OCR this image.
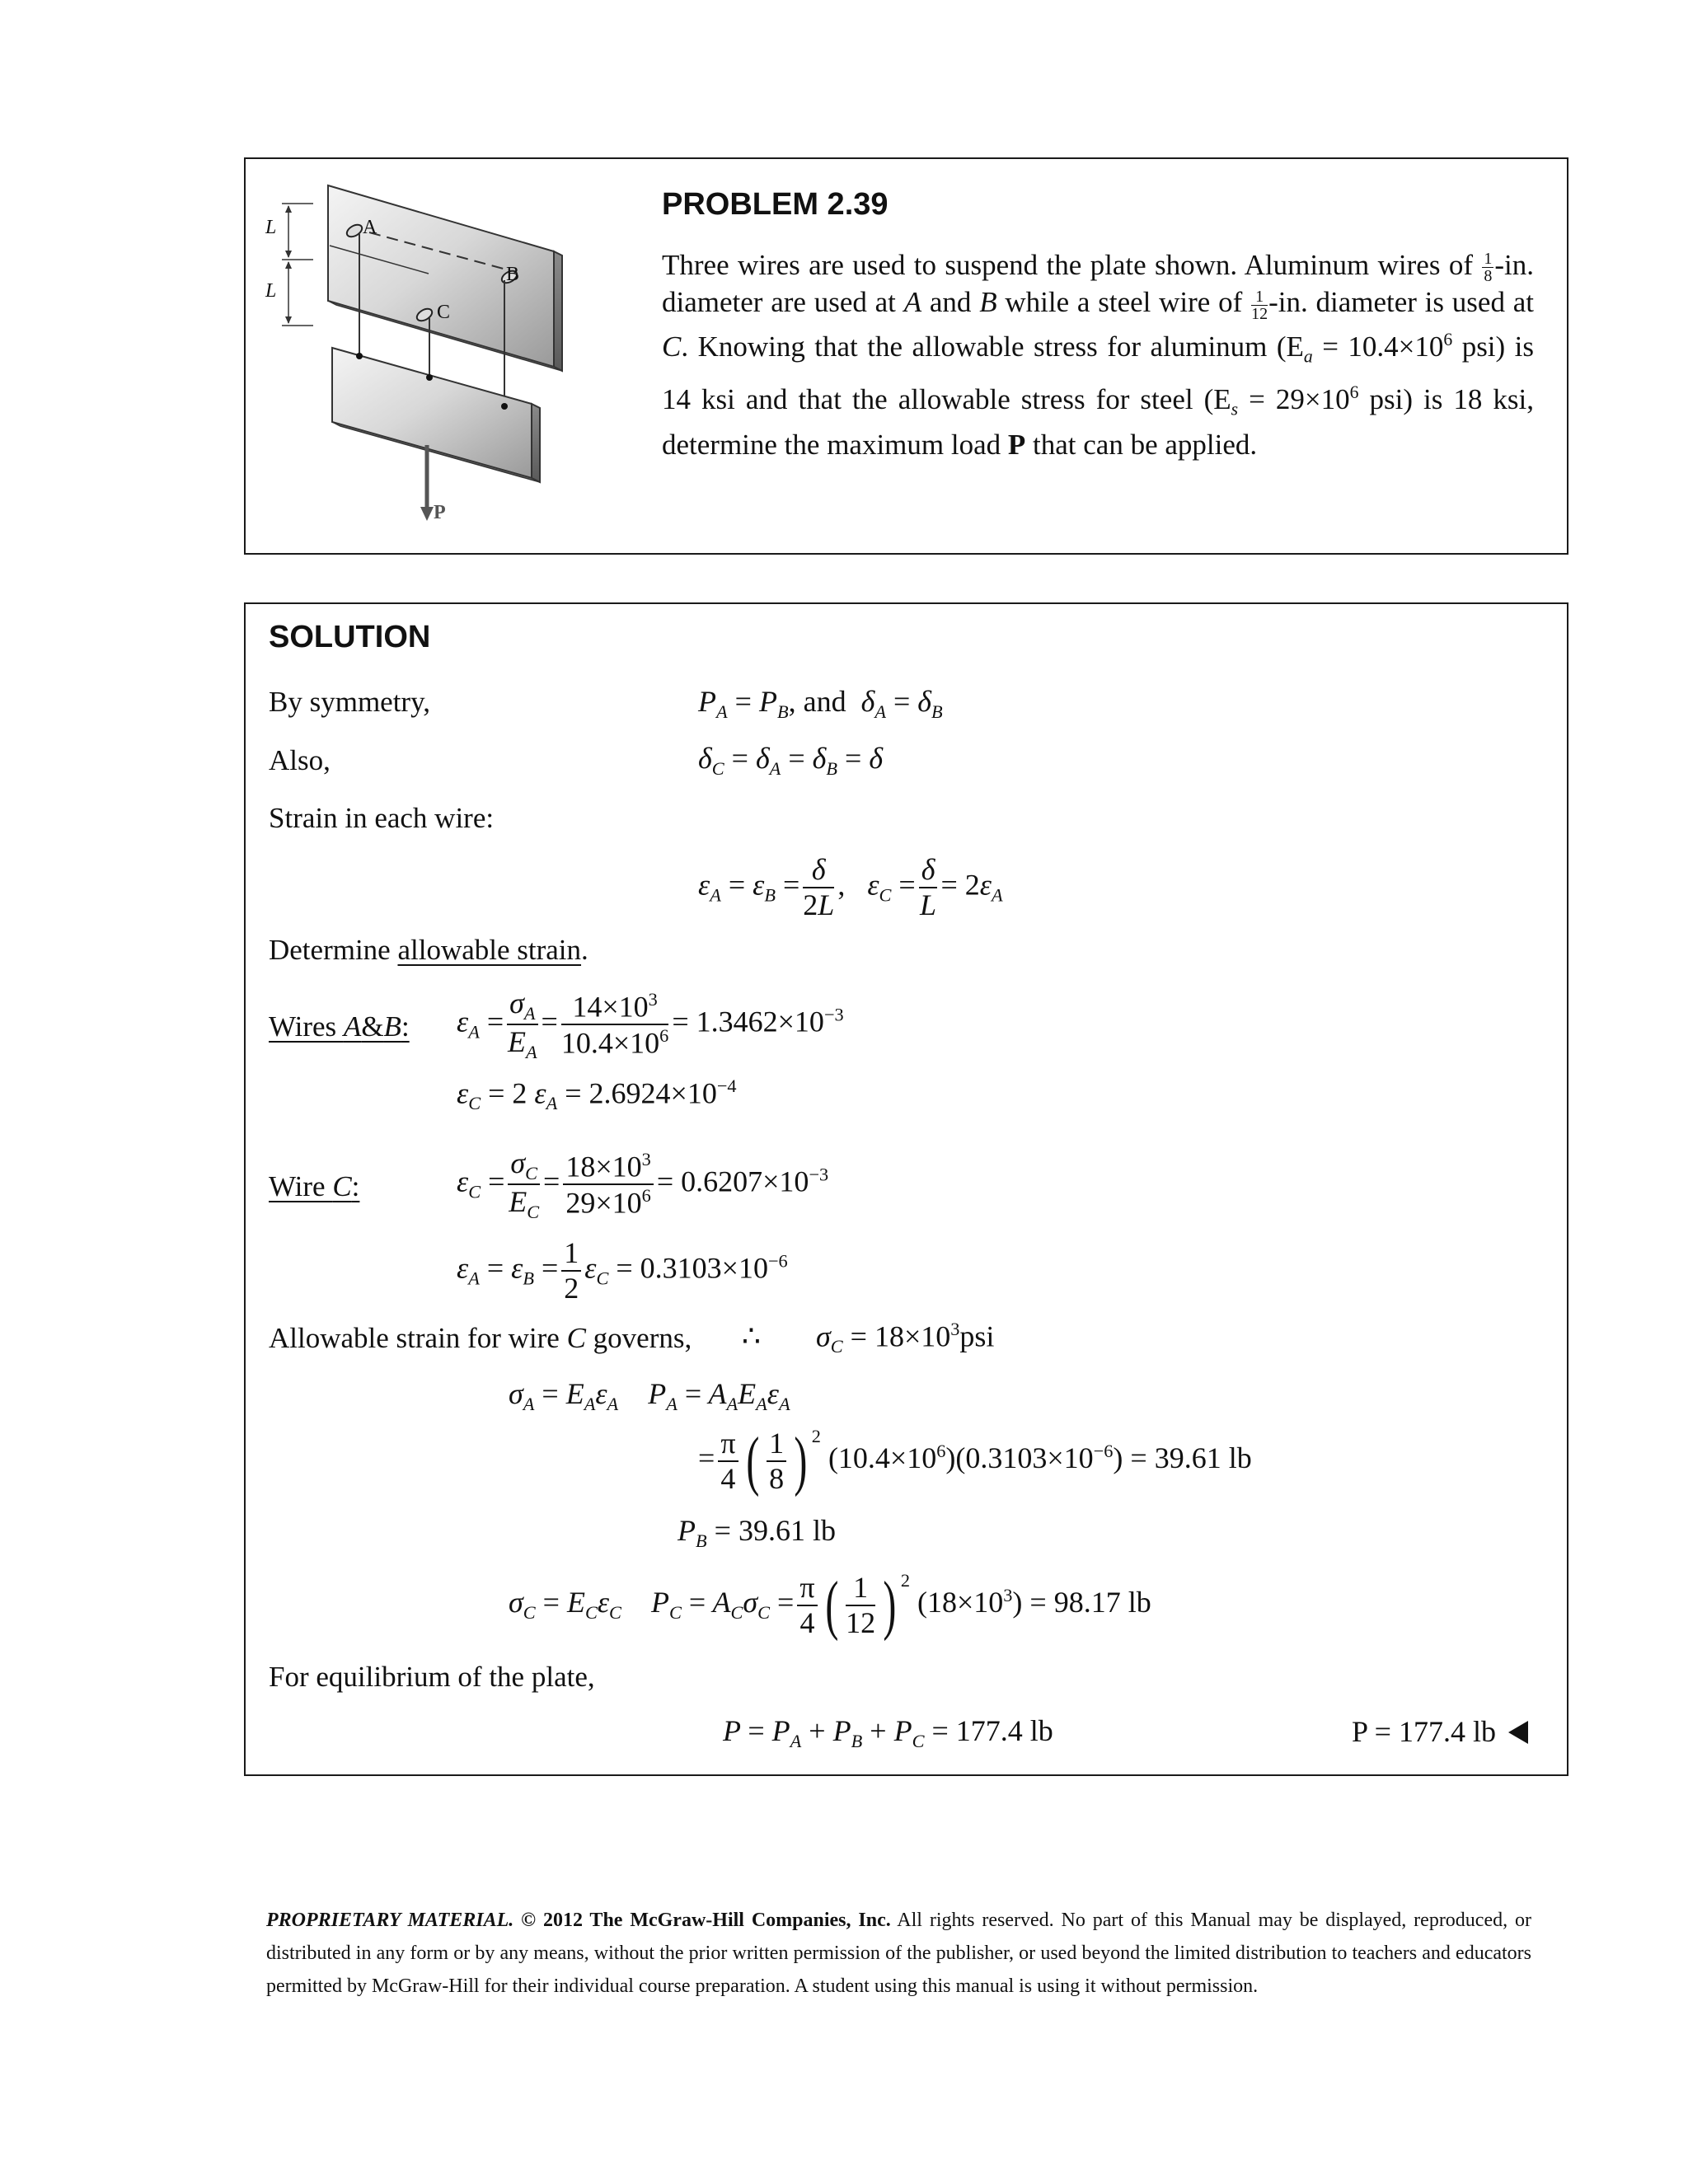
L
L
A
B
C
P
PROBLEM 2.39
Three wires are used to suspend the plate shown. Aluminum wires of $\frac{1}{8} -in$. diameter are used at A and B while a steel wire of $\frac{1}{12} -in$. diameter is used at C. Knowing that the allowable stress for aluminum ($E_a = 10.4\times 10^6$ psi) is 14 ksi and that the allowable stress for steel ($E_s = 29\times 10^6$ psi) is 18 ksi, determine the maximum load P that can be applied.
SOLUTION
By symmetry,	$P_A = P_B$, and  $\delta_A = \delta_B$
Also,	$\delta_C = \delta_A = \delta_B = \delta$
Strain in each wire:
$\varepsilon_A = \varepsilon_B = \frac{\delta}{2L}$ ,   $\varepsilon_C = \frac{\delta}{L} = 2\varepsilon_A$
Determine allowable strain.
Wires A&B: $\varepsilon_A = \frac{\sigma_A}{E_A} = \frac{14\times 10^3}{10.4\times 10^6} = 1.3462\times 10^{-3}$
$\varepsilon_C = 2$ $\varepsilon_A = 2.6924\times 10^{-4}$
Wire C:	$\varepsilon_C = \frac{\sigma_C}{E_C} = \frac{18\times 10^3}{29\times 10^6} = 0.6207\times 10^{-3}$
$\varepsilon_A = \varepsilon_B = \frac{1}{2} \varepsilon_C = 0.3103\times 10^{-6}$
Allowable strain for wire C governs, ∴ $\sigma_C = 18\times 10^3psi$
$\sigma_A = E_A\varepsilon_A$    $P_A = A_AE_A\varepsilon_A$
= $\frac{\pi}{4}$ ( $\frac{1}{8}$ ) $^2$ $(10.4\times 10^6)(0.3103\times 10^{-6}) = 39.61$ lb
$P_B = 39.61$ lb
$\sigma_C = E_C\varepsilon_C$    $P_C = A_C\sigma_C = \frac{\pi}{4}$ ( $\frac{1}{12}$ ) $^2$ $(18\times 10^3) = 98.17$ lb
For equilibrium of the plate,
$P = P_A + P_B + P_C = 177.4$ lb	P = 177.4 lb
PROPRIETARY MATERIAL. © 2012 The McGraw-Hill Companies, Inc. All rights reserved. No part of this Manual may be displayed, reproduced, or distributed in any form or by any means, without the prior written permission of the publisher, or used beyond the limited distribution to teachers and educators permitted by McGraw-Hill for their individual course preparation. A student using this manual is using it without permission.
